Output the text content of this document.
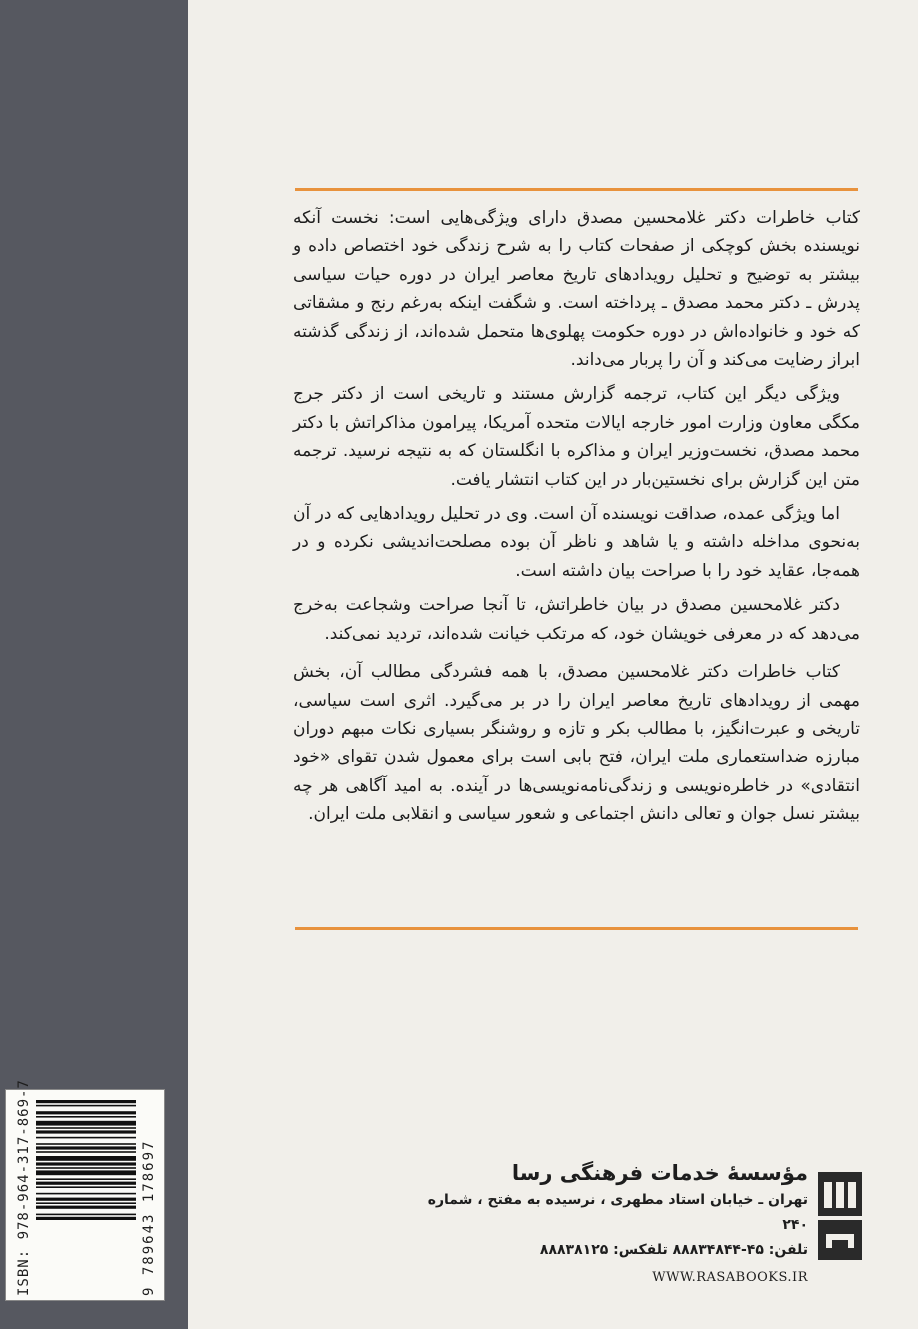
ISBN: 978-964-317-869-7	9 789643 178697

کتاب خاطرات دکتر غلامحسین مصدق دارای ویژگی‌هایی است: نخست آنکه نویسنده بخش کوچکی از صفحات کتاب را به شرح زندگی خود اختصاص داده و بیشتر به توضیح و تحلیل رویدادهای تاریخ معاصر ایران در دوره حیات سیاسی پدرش ـ دکتر محمد مصدق ـ پرداخته است. و شگفت اینکه به‌رغم رنج و مشقاتی که خود و خانواده‌اش در دوره حکومت پهلوی‌ها متحمل شده‌اند، از زندگی گذشته ابراز رضایت می‌کند و آن را پربار می‌داند.

ویژگی دیگر این کتاب، ترجمه گزارش مستند و تاریخی است از دکتر جرج مکگی معاون وزارت امور خارجه ایالات متحده آمریکا، پیرامون مذاکراتش با دکتر محمد مصدق، نخست‌وزیر ایران و مذاکره با انگلستان که به نتیجه نرسید. ترجمه متن این گزارش برای نخستین‌بار در این کتاب انتشار یافت.

اما ویژگی عمده، صداقت نویسنده آن است. وی در تحلیل رویدادهایی که در آن به‌نحوی مداخله داشته و یا شاهد و ناظر آن بوده مصلحت‌اندیشی نکرده و در همه‌جا، عقاید خود را با صراحت بیان داشته است.

دکتر غلامحسین مصدق در بیان خاطراتش، تا آنجا صراحت وشجاعت به‌خرج می‌دهد که در معرفی خویشان خود، که مرتکب خیانت شده‌اند، تردید نمی‌کند.

کتاب خاطرات دکتر غلامحسین مصدق، با همه فشردگی مطالب آن، بخش مهمی از رویدادهای تاریخ معاصر ایران را در بر می‌گیرد. اثری است سیاسی، تاریخی و عبرت‌انگیز، با مطالب بکر و تازه و روشنگر بسیاری نکات مبهم دوران مبارزه ضداستعماری ملت ایران، فتح بابی است برای معمول شدن تقوای «خود انتقادی» در خاطره‌نویسی و زندگی‌نامه‌نویسی‌ها در آینده. به امید آگاهی هر چه بیشتر نسل جوان و تعالی دانش اجتماعی و شعور سیاسی و انقلابی ملت ایران.

مؤسسهٔ خدمات فرهنگی رسا
تهران ـ خیابان استاد مطهری ، نرسیده به مفتح ، شماره ۲۴۰
تلفن: ۴۵-۸۸۸۳۴۸۴۴ تلفکس: ۸۸۸۳۸۱۲۵
WWW.RASABOOKS.IR
